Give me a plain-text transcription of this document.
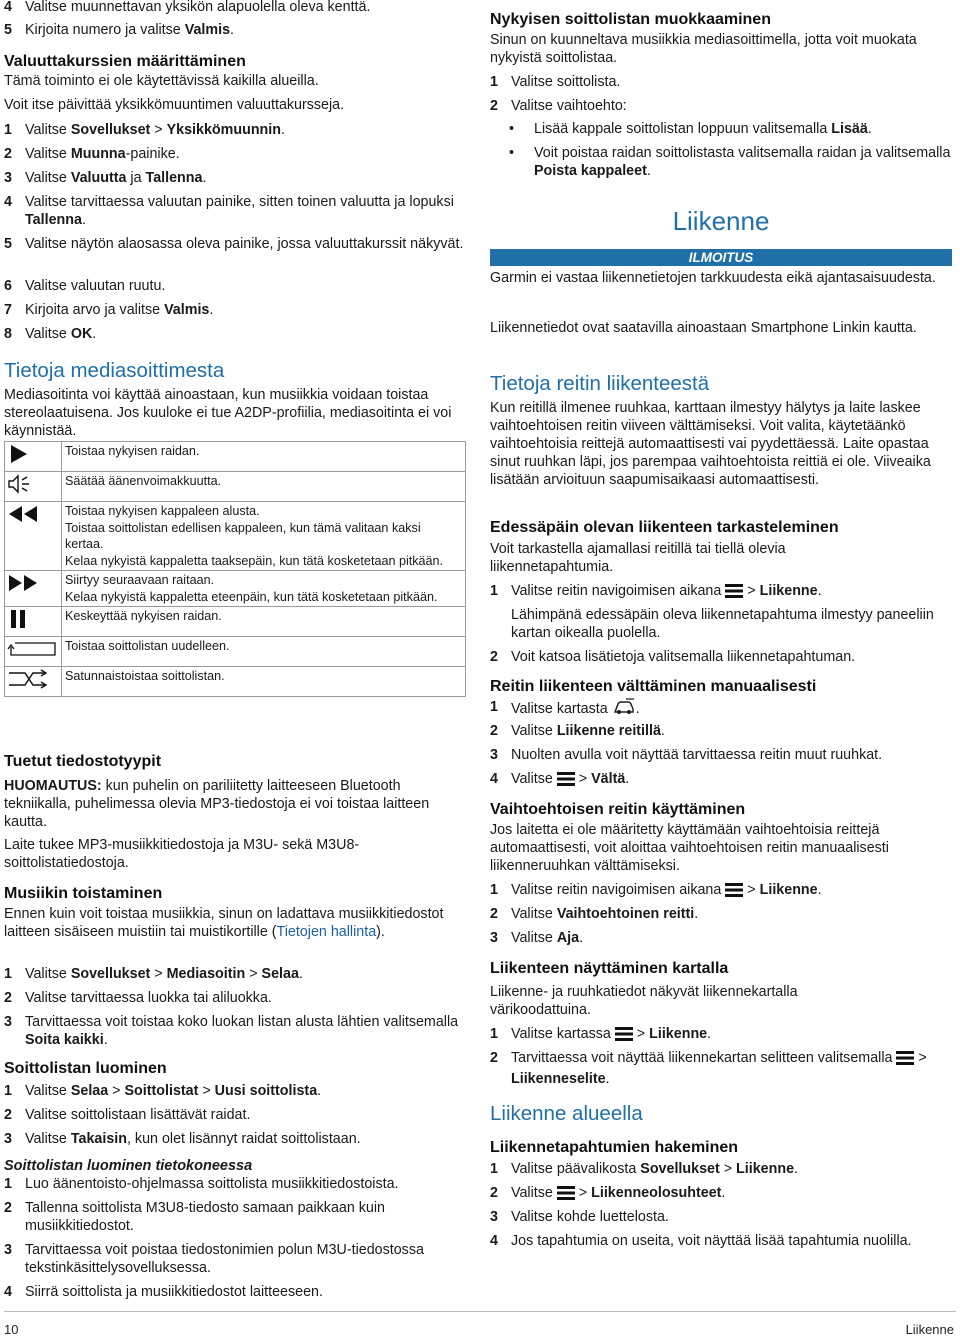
4 Valitse muunnettavan yksikön alapuolella oleva kenttä.
5 Kirjoita numero ja valitse Valmis.
Valuuttakurssien määrittäminen
Tämä toiminto ei ole käytettävissä kaikilla alueilla.
Voit itse päivittää yksikkömuuntimen valuuttakursseja.
1 Valitse Sovellukset > Yksikkömuunnin.
2 Valitse Muunna-painike.
3 Valitse Valuutta ja Tallenna.
4 Valitse tarvittaessa valuutan painike, sitten toinen valuutta ja lopuksi Tallenna.
5 Valitse näytön alaosassa oleva painike, jossa valuuttakurssit näkyvät.
6 Valitse valuutan ruutu.
7 Kirjoita arvo ja valitse Valmis.
8 Valitse OK.
Tietoja mediasoittimesta
Mediasoitinta voi käyttää ainoastaan, kun musiikkia voidaan toistaa stereolaatuisena. Jos kuuloke ei tue A2DP-profiilia, mediasoitinta ei voi käynnistää.

Toistaa nykyisen raidan.

Säätää äänenvoimakkuutta.

Toistaa nykyisen kappaleen alusta.
Toistaa soittolistan edellisen kappaleen, kun tämä valitaan kaksi kertaa.
Kelaa nykyistä kappaletta taaksepäin, kun tätä kosketetaan pitkään.

Siirtyy seuraavaan raitaan.
Kelaa nykyistä kappaletta eteenpäin, kun tätä kosketetaan pitkään.

Keskeyttää nykyisen raidan.

Toistaa soittolistan uudelleen.

Satunnaistoistaa soittolistan.
Tuetut tiedostotyypit
HUOMAUTUS: kun puhelin on pariliitetty laitteeseen Bluetooth tekniikalla, puhelimessa olevia MP3-tiedostoja ei voi toistaa laitteen kautta.
Laite tukee MP3-musiikkitiedostoja ja M3U- sekä M3U8-soittolistatiedostoja.
Musiikin toistaminen
Ennen kuin voit toistaa musiikkia, sinun on ladattava musiikkitiedostot laitteen sisäiseen muistiin tai muistikortille (Tietojen hallinta).
1 Valitse Sovellukset > Mediasoitin > Selaa.
2 Valitse tarvittaessa luokka tai aliluokka.
3 Tarvittaessa voit toistaa koko luokan listan alusta lähtien valitsemalla Soita kaikki.
Soittolistan luominen
1 Valitse Selaa > Soittolistat > Uusi soittolista.
2 Valitse soittolistaan lisättävät raidat.
3 Valitse Takaisin, kun olet lisännyt raidat soittolistaan.
Soittolistan luominen tietokoneessa
1 Luo äänentoisto-ohjelmassa soittolista musiikkitiedostoista.
2 Tallenna soittolista M3U8-tiedosto samaan paikkaan kuin musiikkitiedostot.
3 Tarvittaessa voit poistaa tiedostonimien polun M3U-tiedostossa tekstinkäsittelysovelluksessa.
4 Siirrä soittolista ja musiikkitiedostot laitteeseen.
Nykyisen soittolistan muokkaaminen
Sinun on kuunneltava musiikkia mediasoittimella, jotta voit muokata nykyistä soittolistaa.
1 Valitse soittolista.
2 Valitse vaihtoehto:
• Lisää kappale soittolistan loppuun valitsemalla Lisää.
• Voit poistaa raidan soittolistasta valitsemalla raidan ja valitsemalla Poista kappaleet.
Liikenne
ILMOITUS
Garmin ei vastaa liikennetietojen tarkkuudesta eikä ajantasaisuudesta.
Liikennetiedot ovat saatavilla ainoastaan Smartphone Linkin kautta.
Tietoja reitin liikenteestä
Kun reitillä ilmenee ruuhkaa, karttaan ilmestyy hälytys ja laite laskee vaihtoehtoisen reitin viiveen välttämiseksi. Voit valita, käytetäänkö vaihtoehtoisia reittejä automaattisesti vai pyydettäessä. Laite opastaa sinut ruuhkan läpi, jos parempaa vaihtoehtoista reittiä ei ole. Viiveaika lisätään arvioituun saapumisaikaasi automaattisesti.
Edessäpäin olevan liikenteen tarkasteleminen
Voit tarkastella ajamallasi reitillä tai tiellä olevia liikennetapahtumia.
1 Valitse reitin navigoimisen aikana  > Liikenne.
Lähimpänä edessäpäin oleva liikennetapahtuma ilmestyy paneeliin kartan oikealla puolella.
2 Voit katsoa lisätietoja valitsemalla liikennetapahtuman.
Reitin liikenteen välttäminen manuaalisesti
1 Valitse kartasta .
2 Valitse Liikenne reitillä.
3 Nuolten avulla voit näyttää tarvittaessa reitin muut ruuhkat.
4 Valitse  > Vältä.
Vaihtoehtoisen reitin käyttäminen
Jos laitetta ei ole määritetty käyttämään vaihtoehtoisia reittejä automaattisesti, voit aloittaa vaihtoehtoisen reitin manuaalisesti liikenneruuhkan välttämiseksi.
1 Valitse reitin navigoimisen aikana  > Liikenne.
2 Valitse Vaihtoehtoinen reitti.
3 Valitse Aja.
Liikenteen näyttäminen kartalla
Liikenne- ja ruuhkatiedot näkyvät liikennekartalla värikoodattuina.
1 Valitse kartassa  > Liikenne.
2 Tarvittaessa voit näyttää liikennekartan selitteen valitsemalla  > Liikenneselite.
Liikenne alueella
Liikennetapahtumien hakeminen
1 Valitse päävalikosta Sovellukset > Liikenne.
2 Valitse  > Liikenneolosuhteet.
3 Valitse kohde luettelosta.
4 Jos tapahtumia on useita, voit näyttää lisää tapahtumia nuolilla.
10	Liikenne
